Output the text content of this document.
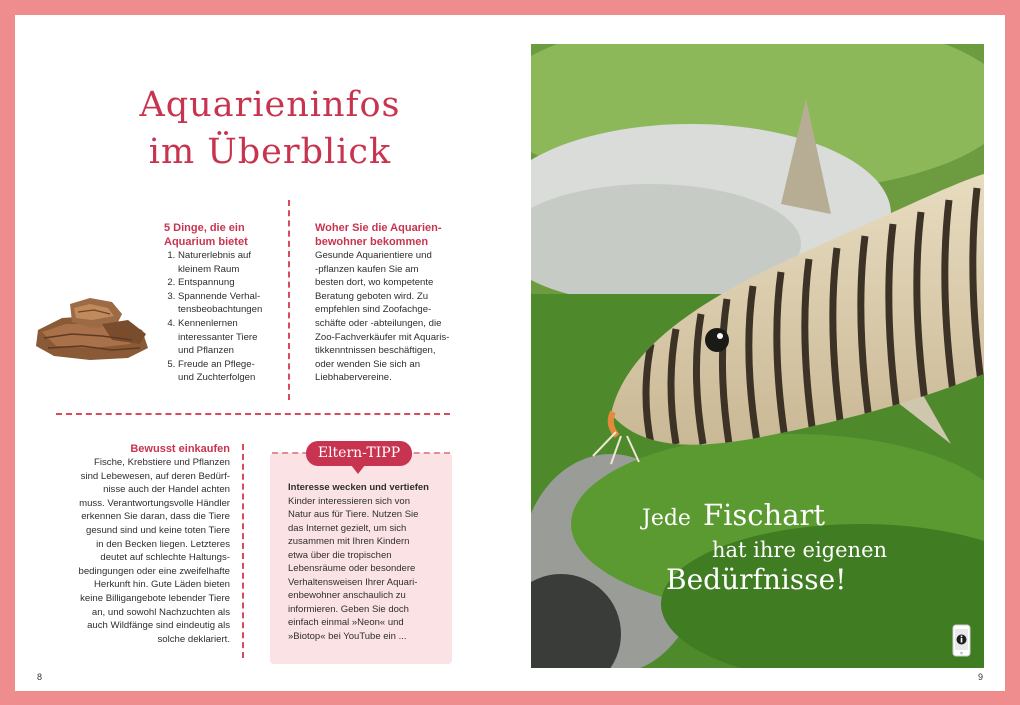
Aquarieninfos
im Überblick
5 Dinge, die ein
Aquarium bietet
1. Naturerlebnis auf
kleinem Raum
2. Entspannung
3. Spannende Verhal-
tensbeobachtungen
4. Kennenlernen
interessanter Tiere
und Pflanzen
5. Freude an Pflege-
und Zuchterfolgen
Woher Sie die Aquarien-
bewohner bekommen
Gesunde Aquarientiere und
-pflanzen kaufen Sie am
besten dort, wo kompetente
Beratung geboten wird. Zu
empfehlen sind Zoofachge-
schäfte oder -abteilungen, die
Zoo-Fachverkäufer mit Aquaris-
tikkenntnissen beschäftigen,
oder wenden Sie sich an
Liebhabervereine.
Bewusst einkaufen
Fische, Krebstiere und Pflanzen
sind Lebewesen, auf deren Bedürf-
nisse auch der Handel achten
muss. Verantwortungsvolle Händler
erkennen Sie daran, dass die Tiere
gesund sind und keine toten Tiere
in den Becken liegen. Letzteres
deutet auf schlechte Haltungs-
bedingungen oder eine zweifelhafte
Herkunft hin. Gute Läden bieten
keine Billigangebote lebender Tiere
an, und sowohl Nachzuchten als
auch Wildfänge sind eindeutig als
solche deklariert.
Eltern-TIPP
Interesse wecken und vertiefen
Kinder interessieren sich von
Natur aus für Tiere. Nutzen Sie
das Internet gezielt, um sich
zusammen mit Ihren Kindern
etwa über die tropischen
Lebensräume oder besondere
Verhaltensweisen Ihrer Aquari-
enbewohner anschaulich zu
informieren. Geben Sie doch
einfach einmal »Neon« und
»Biotop« bei YouTube ein ...
Jede Fischart
hat ihre eigenen
Bedürfnisse!
8	9
